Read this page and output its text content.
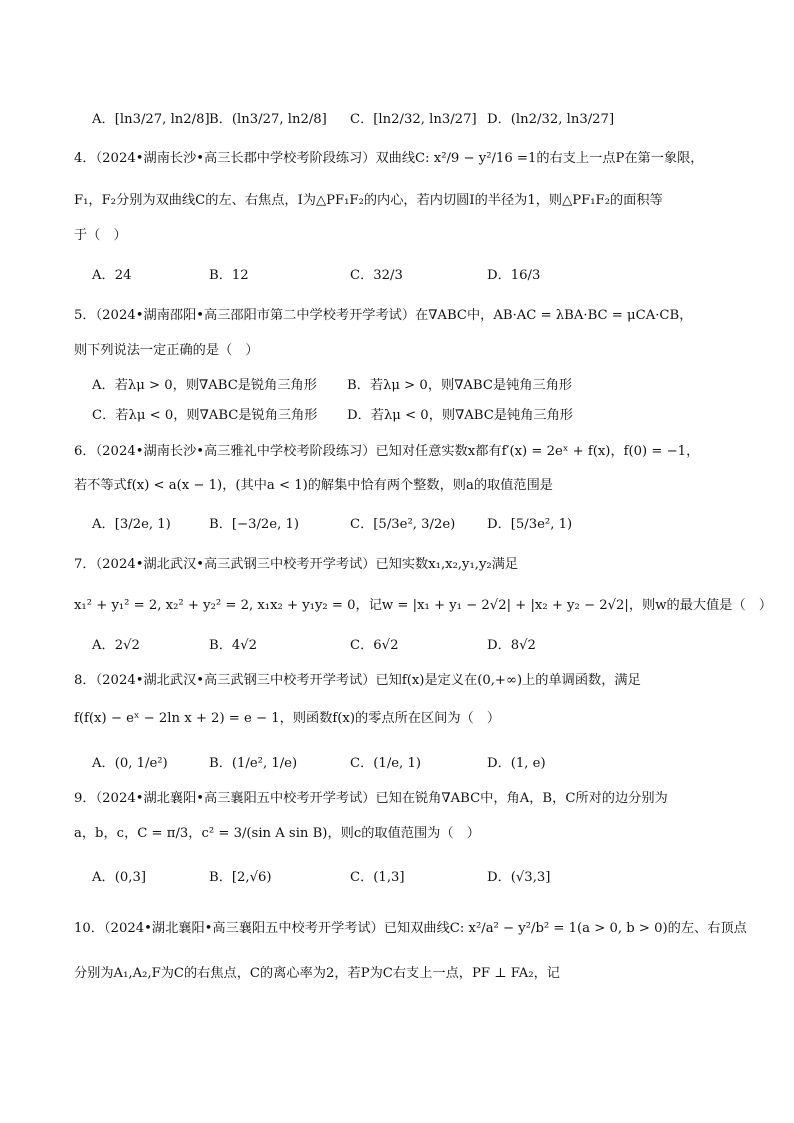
A．[ln3/27, ln2/8] B．(ln3/27, ln2/8] C．[ln2/32, ln3/27] D．(ln2/32, ln3/27]
4．（2024•湖南长沙•高三长郡中学校考阶段练习）双曲线C: x²/9 − y²/16 =1的右支上一点P在第一象限，
F₁，F₂分别为双曲线C的左、右焦点，I为△PF₁F₂的内心，若内切圆I的半径为1，则△PF₁F₂的面积等
于（　）
A．24	B．12	C．32/3	D．16/3
5．（2024•湖南邵阳•高三邵阳市第二中学校考开学考试）在∇ABC中，AB·AC = λBA·BC = μCA·CB，
则下列说法一定正确的是（　）
A．若λμ > 0，则∇ABC是锐角三角形 B．若λμ > 0，则∇ABC是钝角三角形
C．若λμ < 0，则∇ABC是锐角三角形 D．若λμ < 0，则∇ABC是钝角三角形
6．（2024•湖南长沙•高三雅礼中学校考阶段练习）已知对任意实数x都有f′(x) = 2eˣ + f(x)，f(0) = −1，
若不等式f(x) < a(x − 1)，(其中a < 1)的解集中恰有两个整数，则a的取值范围是
A．[3/2e, 1)	B．[−3/2e, 1)	C．[5/3e², 3/2e) D．[5/3e², 1)
7．（2024•湖北武汉•高三武钢三中校考开学考试）已知实数x₁,x₂,y₁,y₂满足
x₁² + y₁² = 2, x₂² + y₂² = 2, x₁x₂ + y₁y₂ = 0，记w = |x₁ + y₁ − 2√2| + |x₂ + y₂ − 2√2|，则w的最大值是（　）
A．2√2	B．4√2	C．6√2	D．8√2
8．（2024•湖北武汉•高三武钢三中校考开学考试）已知f(x)是定义在(0,+∞)上的单调函数，满足
f(f(x) − eˣ − 2ln x + 2) = e − 1，则函数f(x)的零点所在区间为（　）
A．(0, 1/e²)	B．(1/e², 1/e)	C．(1/e, 1)	D．(1, e)
9．（2024•湖北襄阳•高三襄阳五中校考开学考试）已知在锐角∇ABC中，角A，B，C所对的边分别为
a，b，c，C = π/3，c² = 3/(sin A sin B)，则c的取值范围为（　）
A．(0,3]	B．[2,√6)	C．(1,3]	D．(√3,3]
10．（2024•湖北襄阳•高三襄阳五中校考开学考试）已知双曲线C: x²/a² − y²/b² = 1(a > 0, b > 0)的左、右顶点
分别为A₁,A₂,F为C的右焦点，C的离心率为2，若P为C右支上一点，PF ⊥ FA₂，记
